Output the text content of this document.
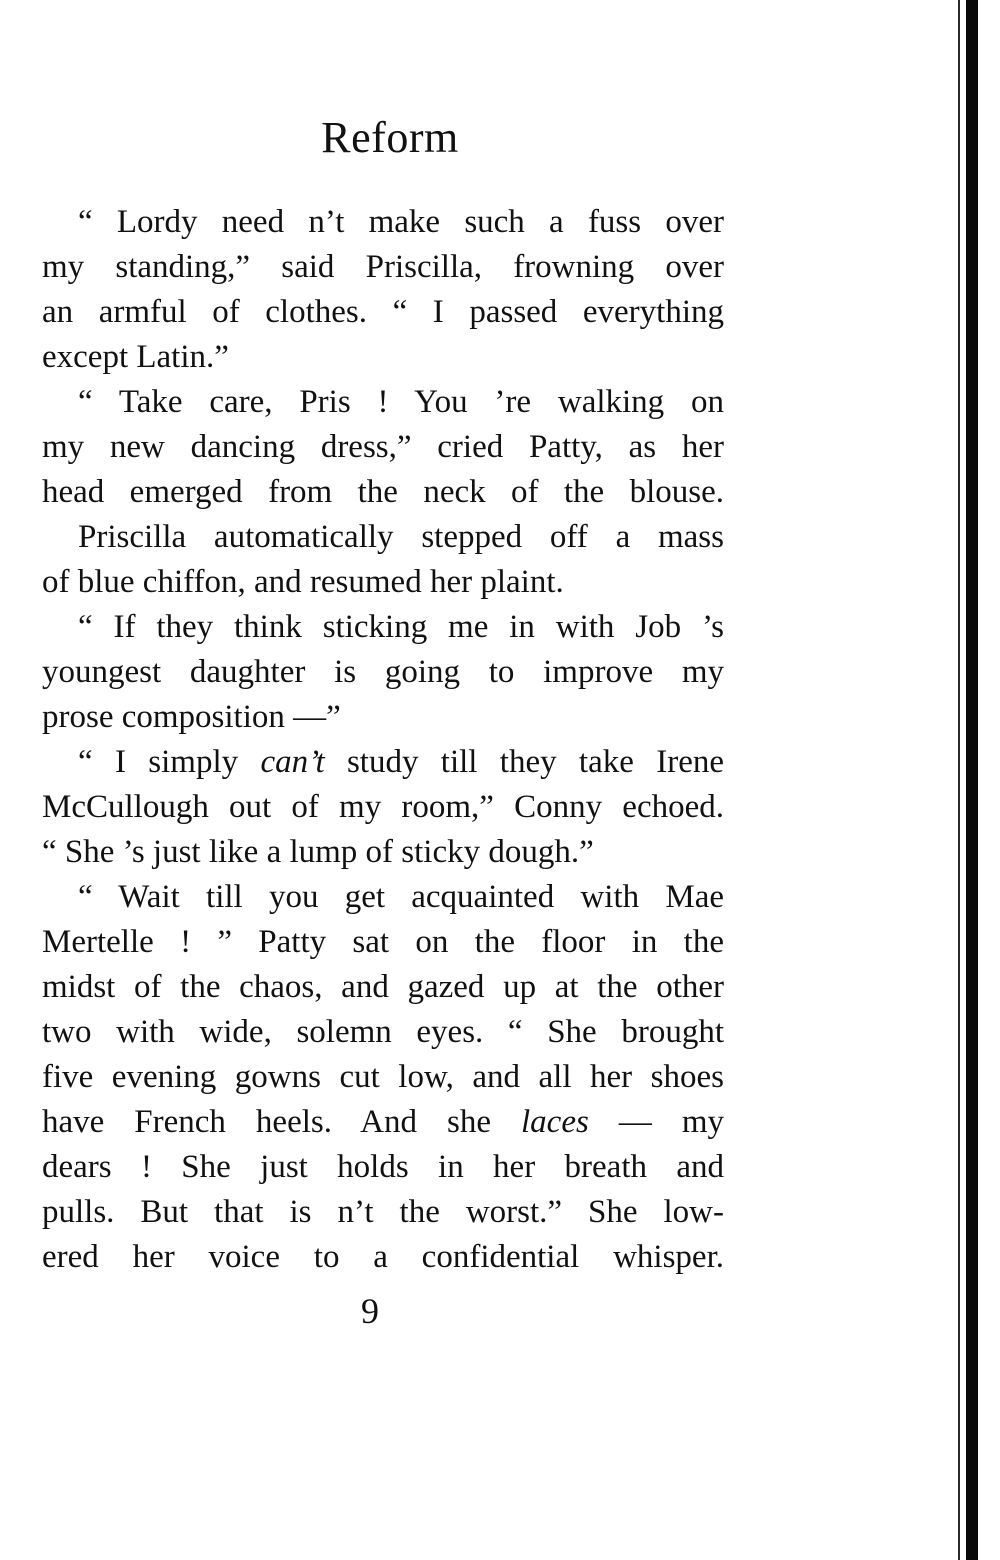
Reform
“ Lordy need n’t make such a fuss over
my standing,” said Priscilla, frowning over
an armful of clothes. “ I passed everything
except Latin.”
“ Take care, Pris ! You ’re walking on
my new dancing dress,” cried Patty, as her
head emerged from the neck of the blouse.
Priscilla automatically stepped off a mass
of blue chiffon, and resumed her plaint.
“ If they think sticking me in with Job ’s
youngest daughter is going to improve my
prose composition —”
“ I simply can’t study till they take Irene
McCullough out of my room,” Conny echoed.
“ She ’s just like a lump of sticky dough.”
“ Wait till you get acquainted with Mae
Mertelle ! ” Patty sat on the floor in the
midst of the chaos, and gazed up at the other
two with wide, solemn eyes. “ She brought
five evening gowns cut low, and all her shoes
have French heels. And she laces — my
dears ! She just holds in her breath and
pulls. But that is n’t the worst.” She low-
ered her voice to a confidential whisper.
9
